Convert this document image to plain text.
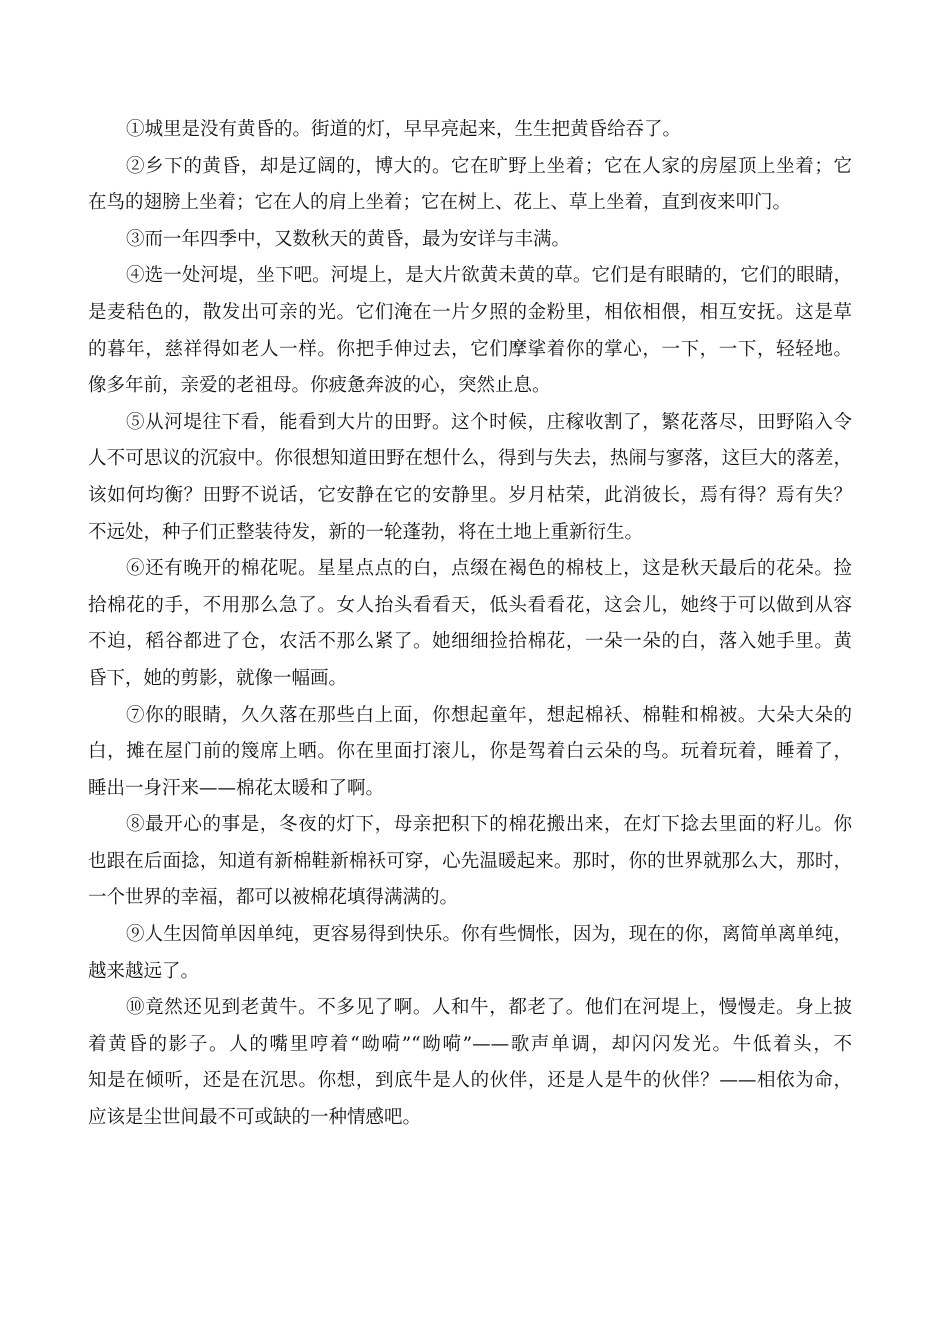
①城里是没有黄昏的。街道的灯，早早亮起来，生生把黄昏给吞了。
②乡下的黄昏，却是辽阔的，博大的。它在旷野上坐着；它在人家的房屋顶上坐着；它
在鸟的翅膀上坐着；它在人的肩上坐着；它在树上、花上、草上坐着，直到夜来叩门。
③而一年四季中，又数秋天的黄昏，最为安详与丰满。
④选一处河堤，坐下吧。河堤上，是大片欲黄未黄的草。它们是有眼睛的，它们的眼睛，
是麦秸色的，散发出可亲的光。它们淹在一片夕照的金粉里，相依相偎，相互安抚。这是草
的暮年，慈祥得如老人一样。你把手伸过去，它们摩挲着你的掌心，一下，一下，轻轻地。
像多年前，亲爱的老祖母。你疲惫奔波的心，突然止息。
⑤从河堤往下看，能看到大片的田野。这个时候，庄稼收割了，繁花落尽，田野陷入令
人不可思议的沉寂中。你很想知道田野在想什么，得到与失去，热闹与寥落，这巨大的落差，
该如何均衡？田野不说话，它安静在它的安静里。岁月枯荣，此消彼长，焉有得？焉有失？
不远处，种子们正整装待发，新的一轮蓬勃，将在土地上重新衍生。
⑥还有晚开的棉花呢。星星点点的白，点缀在褐色的棉枝上，这是秋天最后的花朵。捡
拾棉花的手，不用那么急了。女人抬头看看天，低头看看花，这会儿，她终于可以做到从容
不迫，稻谷都进了仓，农活不那么紧了。她细细捡拾棉花，一朵一朵的白，落入她手里。黄
昏下，她的剪影，就像一幅画。
⑦你的眼睛，久久落在那些白上面，你想起童年，想起棉袄、棉鞋和棉被。大朵大朵的
白，摊在屋门前的篾席上晒。你在里面打滚儿，你是驾着白云朵的鸟。玩着玩着，睡着了，
睡出一身汗来——棉花太暖和了啊。
⑧最开心的事是，冬夜的灯下，母亲把积下的棉花搬出来，在灯下捻去里面的籽儿。你
也跟在后面捻，知道有新棉鞋新棉袄可穿，心先温暖起来。那时，你的世界就那么大，那时，
一个世界的幸福，都可以被棉花填得满满的。
⑨人生因简单因单纯，更容易得到快乐。你有些惆怅，因为，现在的你，离简单离单纯，
越来越远了。
⑩竟然还见到老黄牛。不多见了啊。人和牛，都老了。他们在河堤上，慢慢走。身上披
着黄昏的影子。人的嘴里哼着“呦嗬”“呦嗬”——歌声单调，却闪闪发光。牛低着头，不
知是在倾听，还是在沉思。你想，到底牛是人的伙伴，还是人是牛的伙伴？——相依为命，
应该是尘世间最不可或缺的一种情感吧。
